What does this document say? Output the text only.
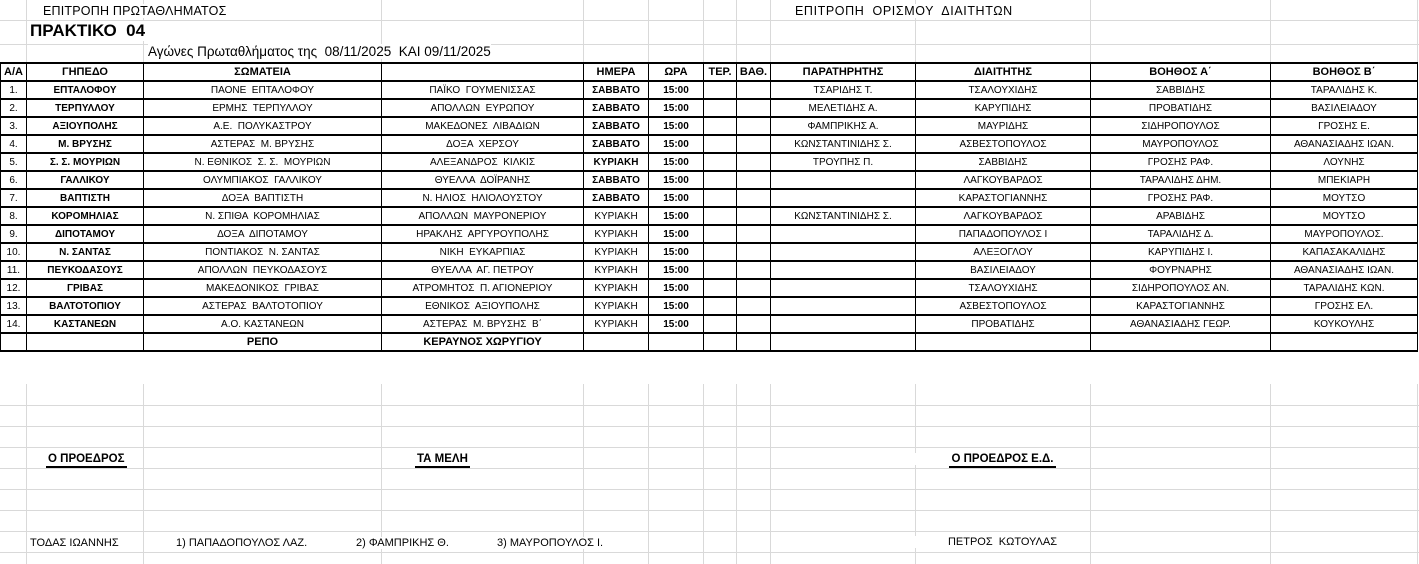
ΕΠΙΤΡΟΠΗ ΠΡΩΤΑΘΛΗΜΑΤΟΣ	ΕΠΙΤΡΟΠΗ  ΟΡΙΣΜΟΥ  ΔΙΑΙΤΗΤΩΝ
ΠΡΑΚΤΙΚΟ  04
Αγώνες Πρωταθλήματος της  08/11/2025  ΚΑΙ 09/11/2025
Α/Α	ΓΗΠΕΔΟ	ΣΩΜΑΤΕΙΑ		ΗΜΕΡΑ	ΩΡΑ	ΤΕΡ.	ΒΑΘ.	ΠΑΡΑΤΗΡΗΤΗΣ	ΔΙΑΙΤΗΤΗΣ	ΒΟΗΘΟΣ Α΄	ΒΟΗΘΟΣ Β΄
1.	ΕΠΤΑΛΟΦΟΥ	ΠΑΟΝΕ  ΕΠΤΑΛΟΦΟΥ	ΠΑΪΚΟ  ΓΟΥΜΕΝΙΣΣΑΣ	ΣΑΒΒΑΤΟ	15:00			ΤΣΑΡΙΔΗΣ Τ.	ΤΣΑΛΟΥΧΙΔΗΣ	ΣΑΒΒΙΔΗΣ	ΤΑΡΑΛΙΔΗΣ Κ.
2.	ΤΕΡΠΥΛΛΟΥ	ΕΡΜΗΣ  ΤΕΡΠΥΛΛΟΥ	ΑΠΟΛΛΩΝ  ΕΥΡΩΠΟΥ	ΣΑΒΒΑΤΟ	15:00			ΜΕΛΕΤΙΔΗΣ Α.	ΚΑΡΥΠΙΔΗΣ	ΠΡΟΒΑΤΙΔΗΣ	ΒΑΣΙΛΕΙΑΔΟΥ
3.	ΑΞΙΟΥΠΟΛΗΣ	Α.Ε.  ΠΟΛΥΚΑΣΤΡΟΥ	ΜΑΚΕΔΟΝΕΣ  ΛΙΒΑΔΙΩΝ	ΣΑΒΒΑΤΟ	15:00			ΦΑΜΠΡΙΚΗΣ Α.	ΜΑΥΡΙΔΗΣ	ΣΙΔΗΡΟΠΟΥΛΟΣ	ΓΡΟΣΗΣ Ε.
4.	Μ. ΒΡΥΣΗΣ	ΑΣΤΕΡΑΣ  Μ. ΒΡΥΣΗΣ	ΔΟΞΑ  ΧΕΡΣΟΥ	ΣΑΒΒΑΤΟ	15:00			ΚΩΝΣΤΑΝΤΙΝΙΔΗΣ Σ.	ΑΣΒΕΣΤΟΠΟΥΛΟΣ	ΜΑΥΡΟΠΟΥΛΟΣ	ΑΘΑΝΑΣΙΑΔΗΣ ΙΩΑΝ.
5.	Σ. Σ. ΜΟΥΡΙΩΝ	Ν. ΕΘΝΙΚΟΣ  Σ. Σ.  ΜΟΥΡΙΩΝ	ΑΛΕΞΑΝΔΡΟΣ  ΚΙΛΚΙΣ	ΚΥΡΙΑΚΗ	15:00			ΤΡΟΥΠΗΣ Π.	ΣΑΒΒΙΔΗΣ	ΓΡΟΣΗΣ ΡΑΦ.	ΛΟΥΝΗΣ
6.	ΓΑΛΛΙΚΟΥ	ΟΛΥΜΠΙΑΚΟΣ  ΓΑΛΛΙΚΟΥ	ΘΥΕΛΛΑ  ΔΟΪΡΑΝΗΣ	ΣΑΒΒΑΤΟ	15:00				ΛΑΓΚΟΥΒΑΡΔΟΣ	ΤΑΡΑΛΙΔΗΣ ΔΗΜ.	ΜΠΕΚΙΑΡΗ
7.	ΒΑΠΤΙΣΤΗ	ΔΟΞΑ  ΒΑΠΤΙΣΤΗ	Ν. ΗΛΙΟΣ  ΗΛΙΟΛΟΥΣΤΟΥ	ΣΑΒΒΑΤΟ	15:00				ΚΑΡΑΣΤΟΓΙΑΝΝΗΣ	ΓΡΟΣΗΣ ΡΑΦ.	ΜΟΥΤΣΟ
8.	ΚΟΡΟΜΗΛΙΑΣ	Ν. ΣΠΙΘΑ  ΚΟΡΟΜΗΛΙΑΣ	ΑΠΟΛΛΩΝ  ΜΑΥΡΟΝΕΡΙΟΥ	ΚΥΡΙΑΚΗ	15:00			ΚΩΝΣΤΑΝΤΙΝΙΔΗΣ Σ.	ΛΑΓΚΟΥΒΑΡΔΟΣ	ΑΡΑΒΙΔΗΣ	ΜΟΥΤΣΟ
9.	ΔΙΠΟΤΑΜΟΥ	ΔΟΞΑ  ΔΙΠΟΤΑΜΟΥ	ΗΡΑΚΛΗΣ  ΑΡΓΥΡΟΥΠΟΛΗΣ	ΚΥΡΙΑΚΗ	15:00				ΠΑΠΑΔΟΠΟΥΛΟΣ Ι	ΤΑΡΑΛΙΔΗΣ Δ.	ΜΑΥΡΟΠΟΥΛΟΣ.
10.	Ν. ΣΑΝΤΑΣ	ΠΟΝΤΙΑΚΟΣ  Ν. ΣΑΝΤΑΣ	ΝΙΚΗ  ΕΥΚΑΡΠΙΑΣ	ΚΥΡΙΑΚΗ	15:00				ΑΛΕΞΟΓΛΟΥ	ΚΑΡΥΠΙΔΗΣ Ι.	ΚΑΠΑΣΑΚΑΛΙΔΗΣ
11.	ΠΕΥΚΟΔΑΣΟΥΣ	ΑΠΟΛΛΩΝ  ΠΕΥΚΟΔΑΣΟΥΣ	ΘΥΕΛΛΑ  ΑΓ. ΠΕΤΡΟΥ	ΚΥΡΙΑΚΗ	15:00				ΒΑΣΙΛΕΙΑΔΟΥ	ΦΟΥΡΝΑΡΗΣ	ΑΘΑΝΑΣΙΑΔΗΣ ΙΩΑΝ.
12.	ΓΡΙΒΑΣ	ΜΑΚΕΔΟΝΙΚΟΣ  ΓΡΙΒΑΣ	ΑΤΡΟΜΗΤΟΣ  Π. ΑΓΙΟΝΕΡΙΟΥ	ΚΥΡΙΑΚΗ	15:00				ΤΣΑΛΟΥΧΙΔΗΣ	ΣΙΔΗΡΟΠΟΥΛΟΣ ΑΝ.	ΤΑΡΑΛΙΔΗΣ ΚΩΝ.
13.	ΒΑΛΤΟΤΟΠΙΟΥ	ΑΣΤΕΡΑΣ  ΒΑΛΤΟΤΟΠΙΟΥ	ΕΘΝΙΚΟΣ  ΑΞΙΟΥΠΟΛΗΣ	ΚΥΡΙΑΚΗ	15:00				ΑΣΒΕΣΤΟΠΟΥΛΟΣ	ΚΑΡΑΣΤΟΓΙΑΝΝΗΣ	ΓΡΟΣΗΣ ΕΛ.
14.	ΚΑΣΤΑΝΕΩΝ	Α.Ο. ΚΑΣΤΑΝΕΩΝ	ΑΣΤΕΡΑΣ  Μ. ΒΡΥΣΗΣ  Β΄	ΚΥΡΙΑΚΗ	15:00				ΠΡΟΒΑΤΙΔΗΣ	ΑΘΑΝΑΣΙΑΔΗΣ ΓΕΩΡ.	ΚΟΥΚΟΥΛΗΣ
		ΡΕΠΟ	ΚΕΡΑΥΝΟΣ ΧΩΡΥΓΙΟΥ								
Ο ΠΡΟΕΔΡΟΣ	ΤΑ ΜΕΛΗ	Ο ΠΡΟΕΔΡΟΣ Ε.Δ.
ΤΟΔΑΣ ΙΩΑΝΝΗΣ	1) ΠΑΠΑΔΟΠΟΥΛΟΣ ΛΑΖ.	2) ΦΑΜΠΡΙΚΗΣ Θ.	3) ΜΑΥΡΟΠΟΥΛΟΣ Ι.	ΠΕΤΡΟΣ  ΚΩΤΟΥΛΑΣ
